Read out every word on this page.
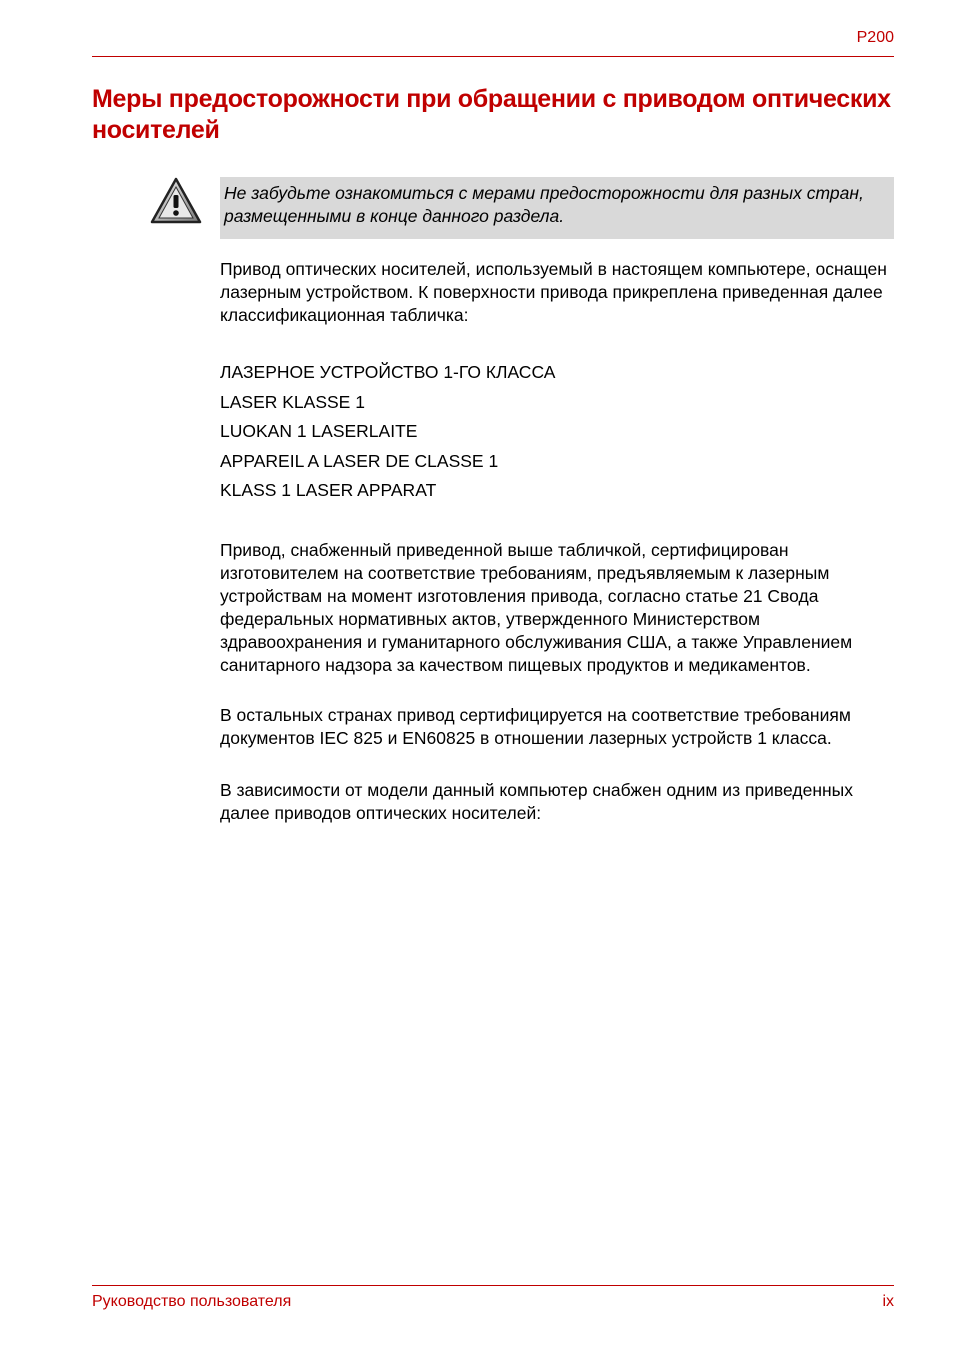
P200
Меры предосторожности при обращении с приводом оптических носителей
Не забудьте ознакомиться с мерами предосторожности для разных стран, размещенными в конце данного раздела.
Привод оптических носителей, используемый в настоящем компьютере, оснащен лазерным устройством. К поверхности привода прикреплена приведенная далее классификационная табличка:
ЛАЗЕРНОЕ УСТРОЙСТВО 1-ГО КЛАССА
LASER KLASSE 1
LUOKAN 1 LASERLAITE
APPAREIL A LASER DE CLASSE 1
KLASS 1 LASER APPARAT
Привод, снабженный приведенной выше табличкой, сертифицирован изготовителем на соответствие требованиям, предъявляемым к лазерным устройствам на момент изготовления привода, согласно статье 21 Свода федеральных нормативных актов, утвержденного Министерством здравоохранения и гуманитарного обслуживания США, а также Управлением санитарного надзора за качеством пищевых продуктов и медикаментов.
В остальных странах привод сертифицируется на соответствие требованиям документов IEC 825 и EN60825 в отношении лазерных устройств 1 класса.
В зависимости от модели данный компьютер снабжен одним из приведенных далее приводов оптических носителей:
Руководство пользователя	ix
